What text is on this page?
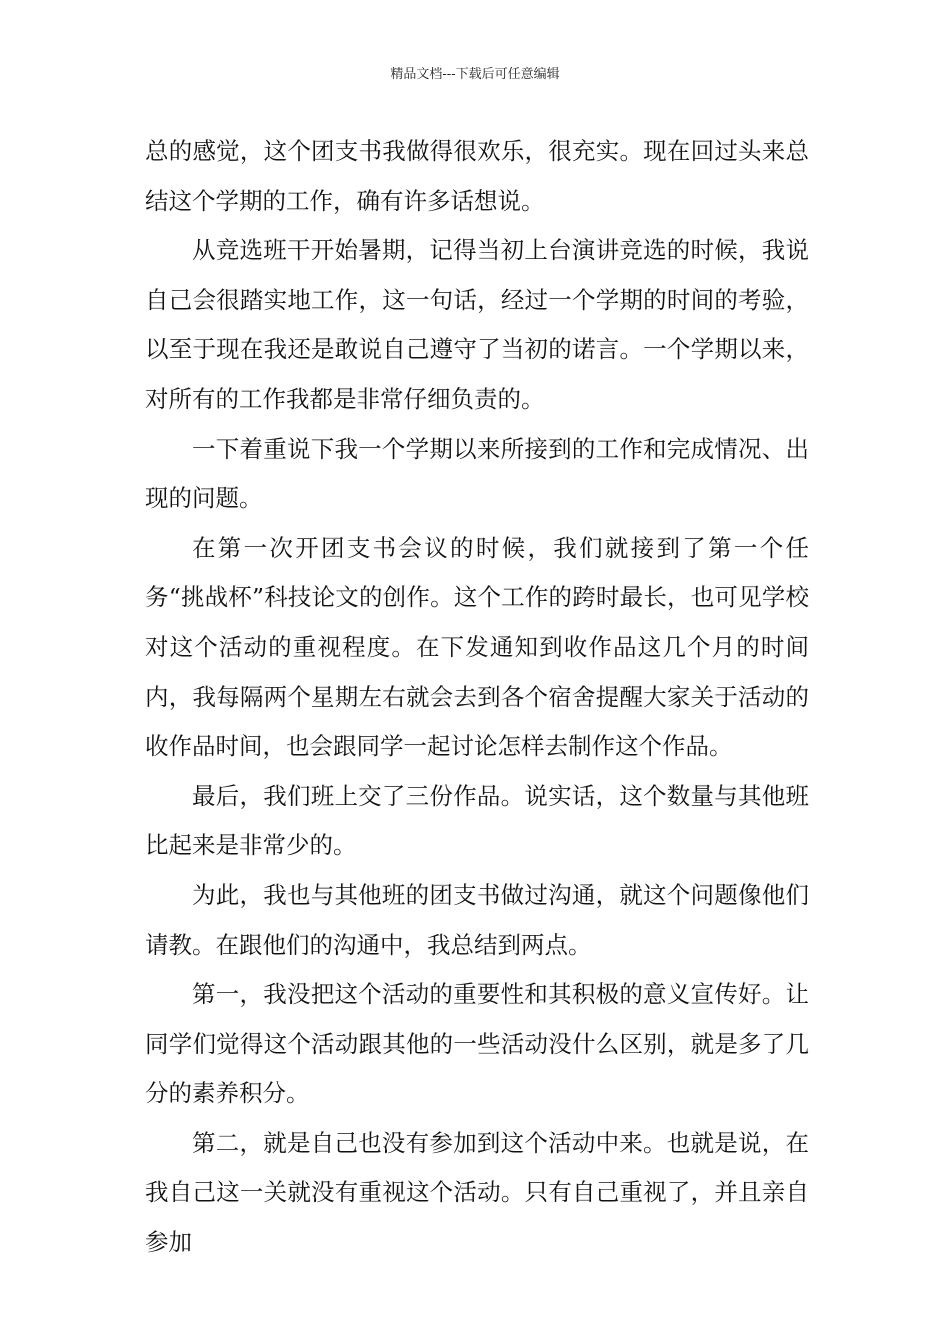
精品文档---下载后可任意编辑

总的感觉，这个团支书我做得很欢乐，很充实。现在回过头来总结这个学期的工作，确有许多话想说。

从竞选班干开始暑期，记得当初上台演讲竞选的时候，我说自己会很踏实地工作，这一句话，经过一个学期的时间的考验，以至于现在我还是敢说自己遵守了当初的诺言。一个学期以来，对所有的工作我都是非常仔细负责的。

一下着重说下我一个学期以来所接到的工作和完成情况、出现的问题。

在第一次开团支书会议的时候，我们就接到了第一个任务“挑战杯”科技论文的创作。这个工作的跨时最长，也可见学校对这个活动的重视程度。在下发通知到收作品这几个月的时间内，我每隔两个星期左右就会去到各个宿舍提醒大家关于活动的收作品时间，也会跟同学一起讨论怎样去制作这个作品。

最后，我们班上交了三份作品。说实话，这个数量与其他班比起来是非常少的。

为此，我也与其他班的团支书做过沟通，就这个问题像他们请教。在跟他们的沟通中，我总结到两点。

第一，我没把这个活动的重要性和其积极的意义宣传好。让同学们觉得这个活动跟其他的一些活动没什么区别，就是多了几分的素养积分。

第二，就是自己也没有参加到这个活动中来。也就是说，在我自己这一关就没有重视这个活动。只有自己重视了，并且亲自参加
